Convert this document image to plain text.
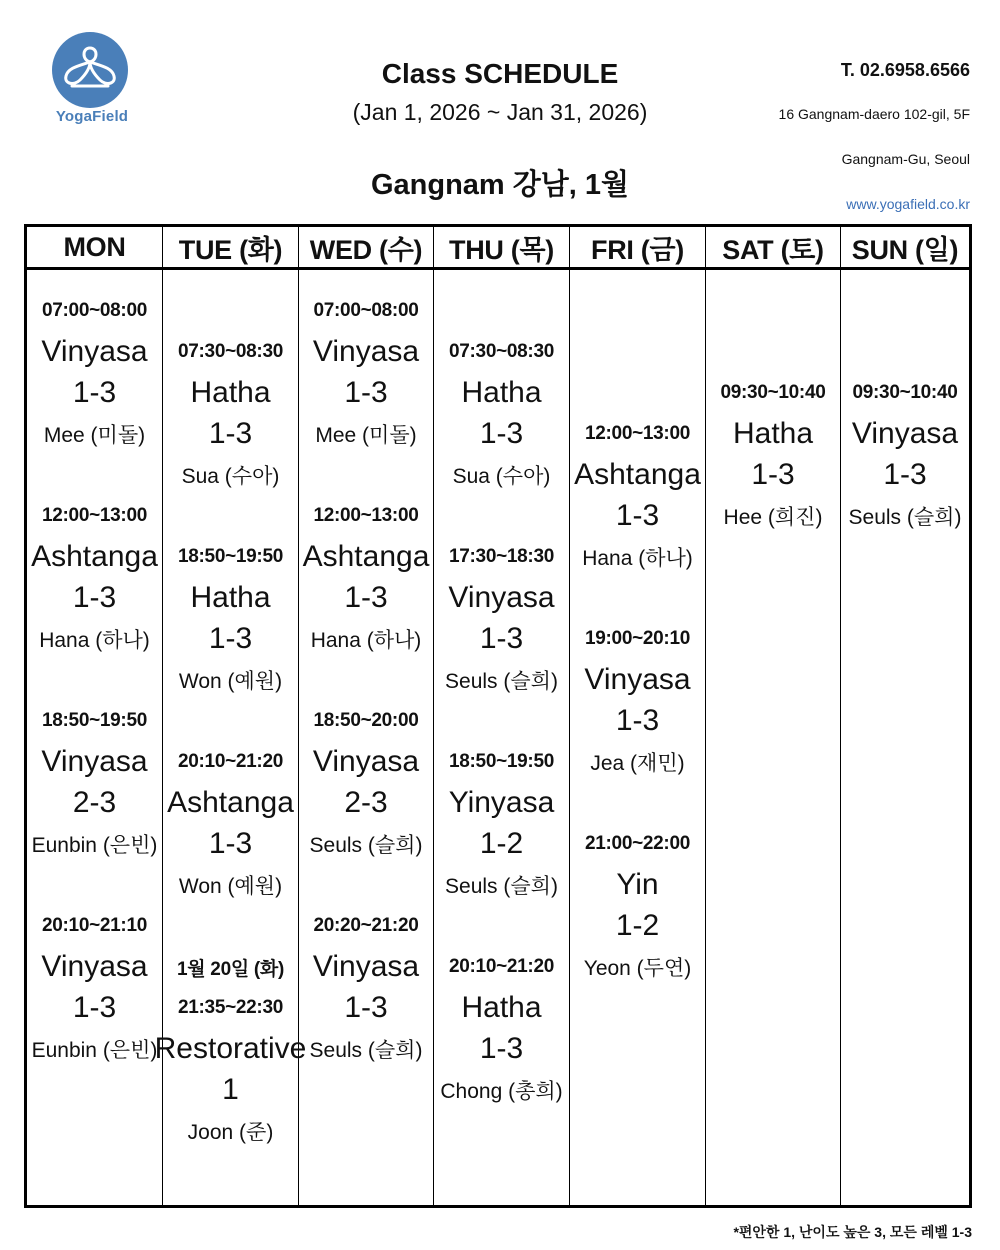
YogaField
Class SCHEDULE
(Jan 1, 2026 ~ Jan 31, 2026)
Gangnam 강남, 1월
T. 02.6958.6566
16 Gangnam-daero 102-gil, 5F
Gangnam-Gu, Seoul
www.yogafield.co.kr
MON
07:00~08:00
Vinyasa
1-3
Mee (미돌)
12:00~13:00
Ashtanga
1-3
Hana (하나)
18:50~19:50
Vinyasa
2-3
Eunbin (은빈)
20:10~21:10
Vinyasa
1-3
Eunbin (은빈)
TUE (화)
07:30~08:30
Hatha
1-3
Sua (수아)
18:50~19:50
Hatha
1-3
Won (예원)
20:10~21:20
Ashtanga
1-3
Won (예원)
1월 20일 (화)
21:35~22:30
Restorative
1
Joon (준)
WED (수)
07:00~08:00
Vinyasa
1-3
Mee (미돌)
12:00~13:00
Ashtanga
1-3
Hana (하나)
18:50~20:00
Vinyasa
2-3
Seuls (슬희)
20:20~21:20
Vinyasa
1-3
Seuls (슬희)
THU (목)
07:30~08:30
Hatha
1-3
Sua (수아)
17:30~18:30
Vinyasa
1-3
Seuls (슬희)
18:50~19:50
Yinyasa
1-2
Seuls (슬희)
20:10~21:20
Hatha
1-3
Chong (총희)
FRI (금)
12:00~13:00
Ashtanga
1-3
Hana (하나)
19:00~20:10
Vinyasa
1-3
Jea (재민)
21:00~22:00
Yin
1-2
Yeon (두연)
SAT (토)
09:30~10:40
Hatha
1-3
Hee (희진)
SUN (일)
09:30~10:40
Vinyasa
1-3
Seuls (슬희)
*편안한 1, 난이도 높은 3, 모든 레벨 1-3
